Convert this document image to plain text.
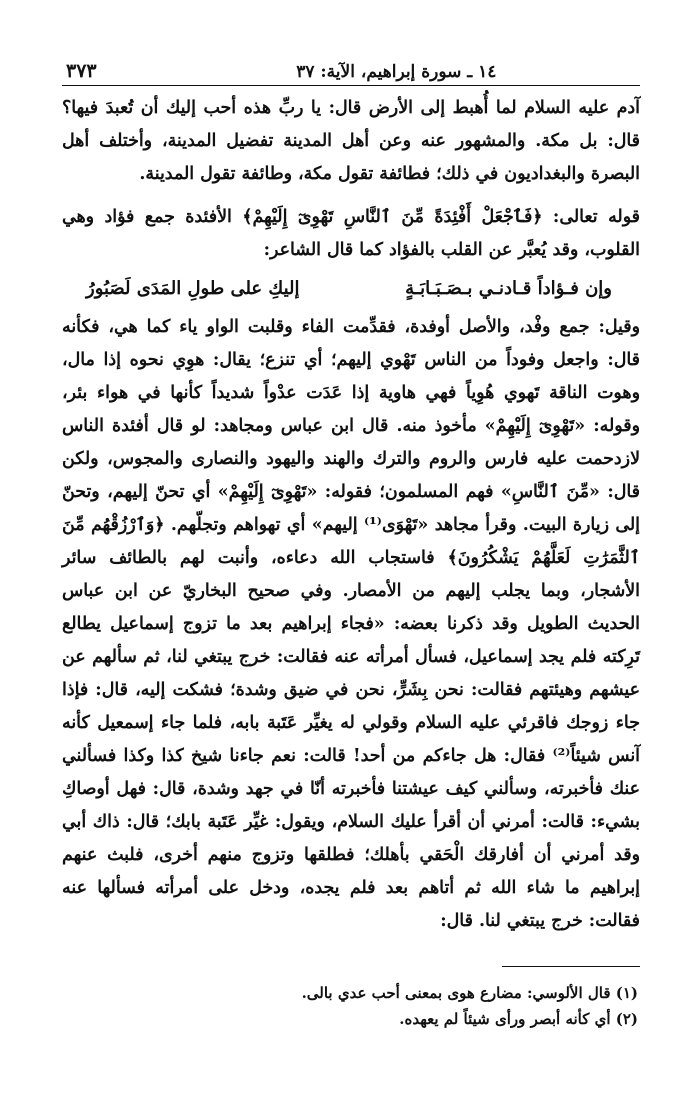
١٤ ـ سورة إبراهيم، الآية: ٣٧
٣٧٣

آدم عليه السلام لما أُهبط إلى الأرض قال: يا ربِّ هذه أحب إليك أن تُعبدَ فيها؟ قال: بل مكة. والمشهور عنه وعن أهل المدينة تفضيل المدينة، وأختلف أهل البصرة والبغداديون في ذلك؛ فطائفة تقول مكة، وطائفة تقول المدينة.

قوله تعالى: ﴿فَٱجْعَلْ أَفْئِدَةً مِّنَ ٱلنَّاسِ تَهْوِىٓ إِلَيْهِمْ﴾ الأفئدة جمع فؤاد وهي القلوب، وقد يُعبَّر عن القلب بالفؤاد كما قال الشاعر:

وإن فـؤاداً قـادنـي بـصَـبَـابَـةٍ
إليكِ على طولِ المَدَى لَصَبُورُ

وقيل: جمع وفْد، والأصل أوفدة، فقدِّمت الفاء وقلبت الواو ياء كما هي، فكأنه قال: واجعل وفوداً من الناس تَهْوي إليهم؛ أي تنزع؛ يقال: هوِي نحوه إذا مال، وهوت الناقة تَهوي هُوِياً فهي هاوية إذا عَدَت عدْواً شديداً كأنها في هواء بئر، وقوله: «تَهْوِىٓ إِلَيْهِمْ» مأخوذ منه. قال ابن عباس ومجاهد: لو قال أفئدة الناس لازدحمت عليه فارس والروم والترك والهند واليهود والنصارى والمجوس، ولكن قال: «مِّنَ ٱلنَّاسِ» فهم المسلمون؛ فقوله: «تَهْوِىٓ إِلَيْهِمْ» أي تحنّ إليهم، وتحنّ إلى زيارة البيت. وقرأ مجاهد «تَهْوَى⁽¹⁾ إليهم» أي تهواهم وتجلّهم. ﴿وَٱرْزُقْهُم مِّنَ ٱلثَّمَرَٰتِ لَعَلَّهُمْ يَشْكُرُونَ﴾ فاستجاب الله دعاءه، وأنبت لهم بالطائف سائر الأشجار، وبما يجلب إليهم من الأمصار. وفي صحيح البخاريّ عن ابن عباس الحديث الطويل وقد ذكرنا بعضه: «فجاء إبراهيم بعد ما تزوج إسماعيل يطالع تَرِكته فلم يجد إسماعيل، فسأل أمرأته عنه فقالت: خرج يبتغي لنا، ثم سألهم عن عيشهم وهيئتهم فقالت: نحن بِشَرٍّ، نحن في ضيق وشدة؛ فشكت إليه، قال: فإذا جاء زوجك فاقرئي عليه السلام وقولي له يغيِّر عَتَبة بابه، فلما جاء إسمعيل كأنه آنس شيئاً⁽²⁾ فقال: هل جاءكم من أحد! قالت: نعم جاءنا شيخ كذا وكذا فسألني عنك فأخبرته، وسألني كيف عيشتنا فأخبرته أنّا في جهد وشدة، قال: فهل أوصاكِ بشيء: قالت: أمرني أن أقرأ عليك السلام، ويقول: غيِّر عَتَبة بابك؛ قال: ذاك أبي وقد أمرني أن أفارقك الْحَقي بأهلك؛ فطلقها وتزوج منهم أخرى، فلبث عنهم إبراهيم ما شاء الله ثم أتاهم بعد فلم يجده، ودخل على أمرأته فسألها عنه فقالت: خرج يبتغي لنا. قال:

(١) قال الألوسي: مضارع هوى بمعنى أحب عدي بالى.

(٢) أي كأنه أبصر ورأى شيئاً لم يعهده.
